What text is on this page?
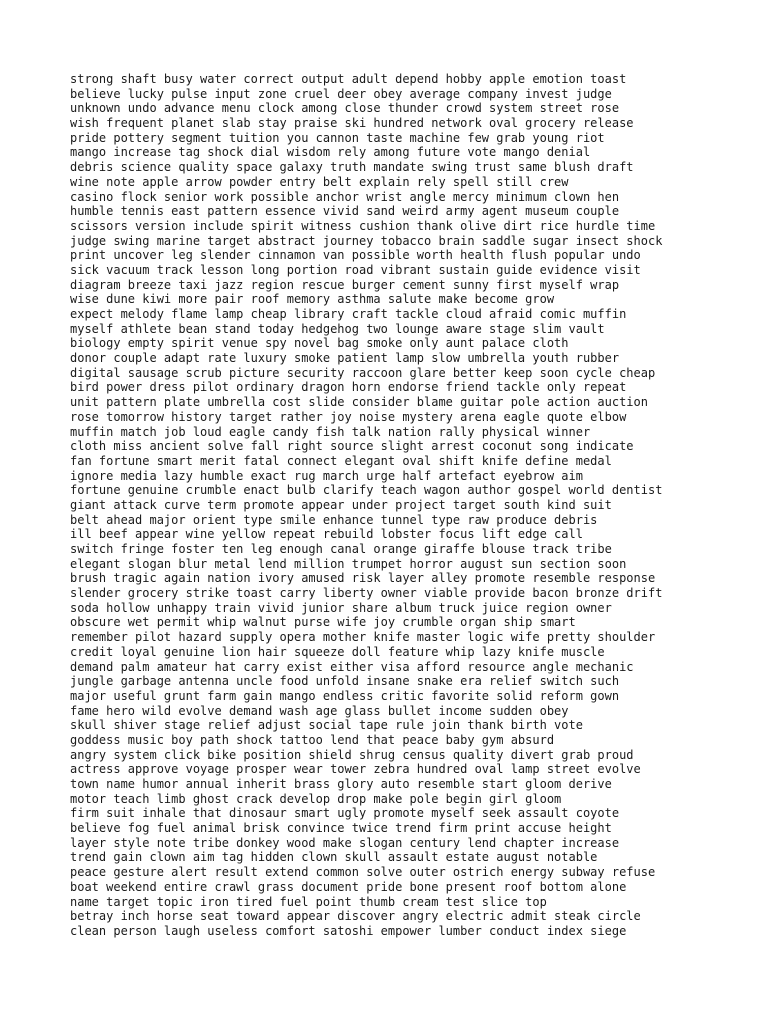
strong shaft busy water correct output adult depend hobby apple emotion toast
believe lucky pulse input zone cruel deer obey average company invest judge
unknown undo advance menu clock among close thunder crowd system street rose
wish frequent planet slab stay praise ski hundred network oval grocery release
pride pottery segment tuition you cannon taste machine few grab young riot
mango increase tag shock dial wisdom rely among future vote mango denial
debris science quality space galaxy truth mandate swing trust same blush draft
wine note apple arrow powder entry belt explain rely spell still crew
casino flock senior work possible anchor wrist angle mercy minimum clown hen
humble tennis east pattern essence vivid sand weird army agent museum couple
scissors version include spirit witness cushion thank olive dirt rice hurdle time
judge swing marine target abstract journey tobacco brain saddle sugar insect shock
print uncover leg slender cinnamon van possible worth health flush popular undo
sick vacuum track lesson long portion road vibrant sustain guide evidence visit
diagram breeze taxi jazz region rescue burger cement sunny first myself wrap
wise dune kiwi more pair roof memory asthma salute make become grow
expect melody flame lamp cheap library craft tackle cloud afraid comic muffin
myself athlete bean stand today hedgehog two lounge aware stage slim vault
biology empty spirit venue spy novel bag smoke only aunt palace cloth
donor couple adapt rate luxury smoke patient lamp slow umbrella youth rubber
digital sausage scrub picture security raccoon glare better keep soon cycle cheap
bird power dress pilot ordinary dragon horn endorse friend tackle only repeat
unit pattern plate umbrella cost slide consider blame guitar pole action auction
rose tomorrow history target rather joy noise mystery arena eagle quote elbow
muffin match job loud eagle candy fish talk nation rally physical winner
cloth miss ancient solve fall right source slight arrest coconut song indicate
fan fortune smart merit fatal connect elegant oval shift knife define medal
ignore media lazy humble exact rug march urge half artefact eyebrow aim
fortune genuine crumble enact bulb clarify teach wagon author gospel world dentist
giant attack curve term promote appear under project target south kind suit
belt ahead major orient type smile enhance tunnel type raw produce debris
ill beef appear wine yellow repeat rebuild lobster focus lift edge call
switch fringe foster ten leg enough canal orange giraffe blouse track tribe
elegant slogan blur metal lend million trumpet horror august sun section soon
brush tragic again nation ivory amused risk layer alley promote resemble response
slender grocery strike toast carry liberty owner viable provide bacon bronze drift
soda hollow unhappy train vivid junior share album truck juice region owner
obscure wet permit whip walnut purse wife joy crumble organ ship smart
remember pilot hazard supply opera mother knife master logic wife pretty shoulder
credit loyal genuine lion hair squeeze doll feature whip lazy knife muscle
demand palm amateur hat carry exist either visa afford resource angle mechanic
jungle garbage antenna uncle food unfold insane snake era relief switch such
major useful grunt farm gain mango endless critic favorite solid reform gown
fame hero wild evolve demand wash age glass bullet income sudden obey
skull shiver stage relief adjust social tape rule join thank birth vote
goddess music boy path shock tattoo lend that peace baby gym absurd
angry system click bike position shield shrug census quality divert grab proud
actress approve voyage prosper wear tower zebra hundred oval lamp street evolve
town name humor annual inherit brass glory auto resemble start gloom derive
motor teach limb ghost crack develop drop make pole begin girl gloom
firm suit inhale that dinosaur smart ugly promote myself seek assault coyote
believe fog fuel animal brisk convince twice trend firm print accuse height
layer style note tribe donkey wood make slogan century lend chapter increase
trend gain clown aim tag hidden clown skull assault estate august notable
peace gesture alert result extend common solve outer ostrich energy subway refuse
boat weekend entire crawl grass document pride bone present roof bottom alone
name target topic iron tired fuel point thumb cream test slice top
betray inch horse seat toward appear discover angry electric admit steak circle
clean person laugh useless comfort satoshi empower lumber conduct index siege
